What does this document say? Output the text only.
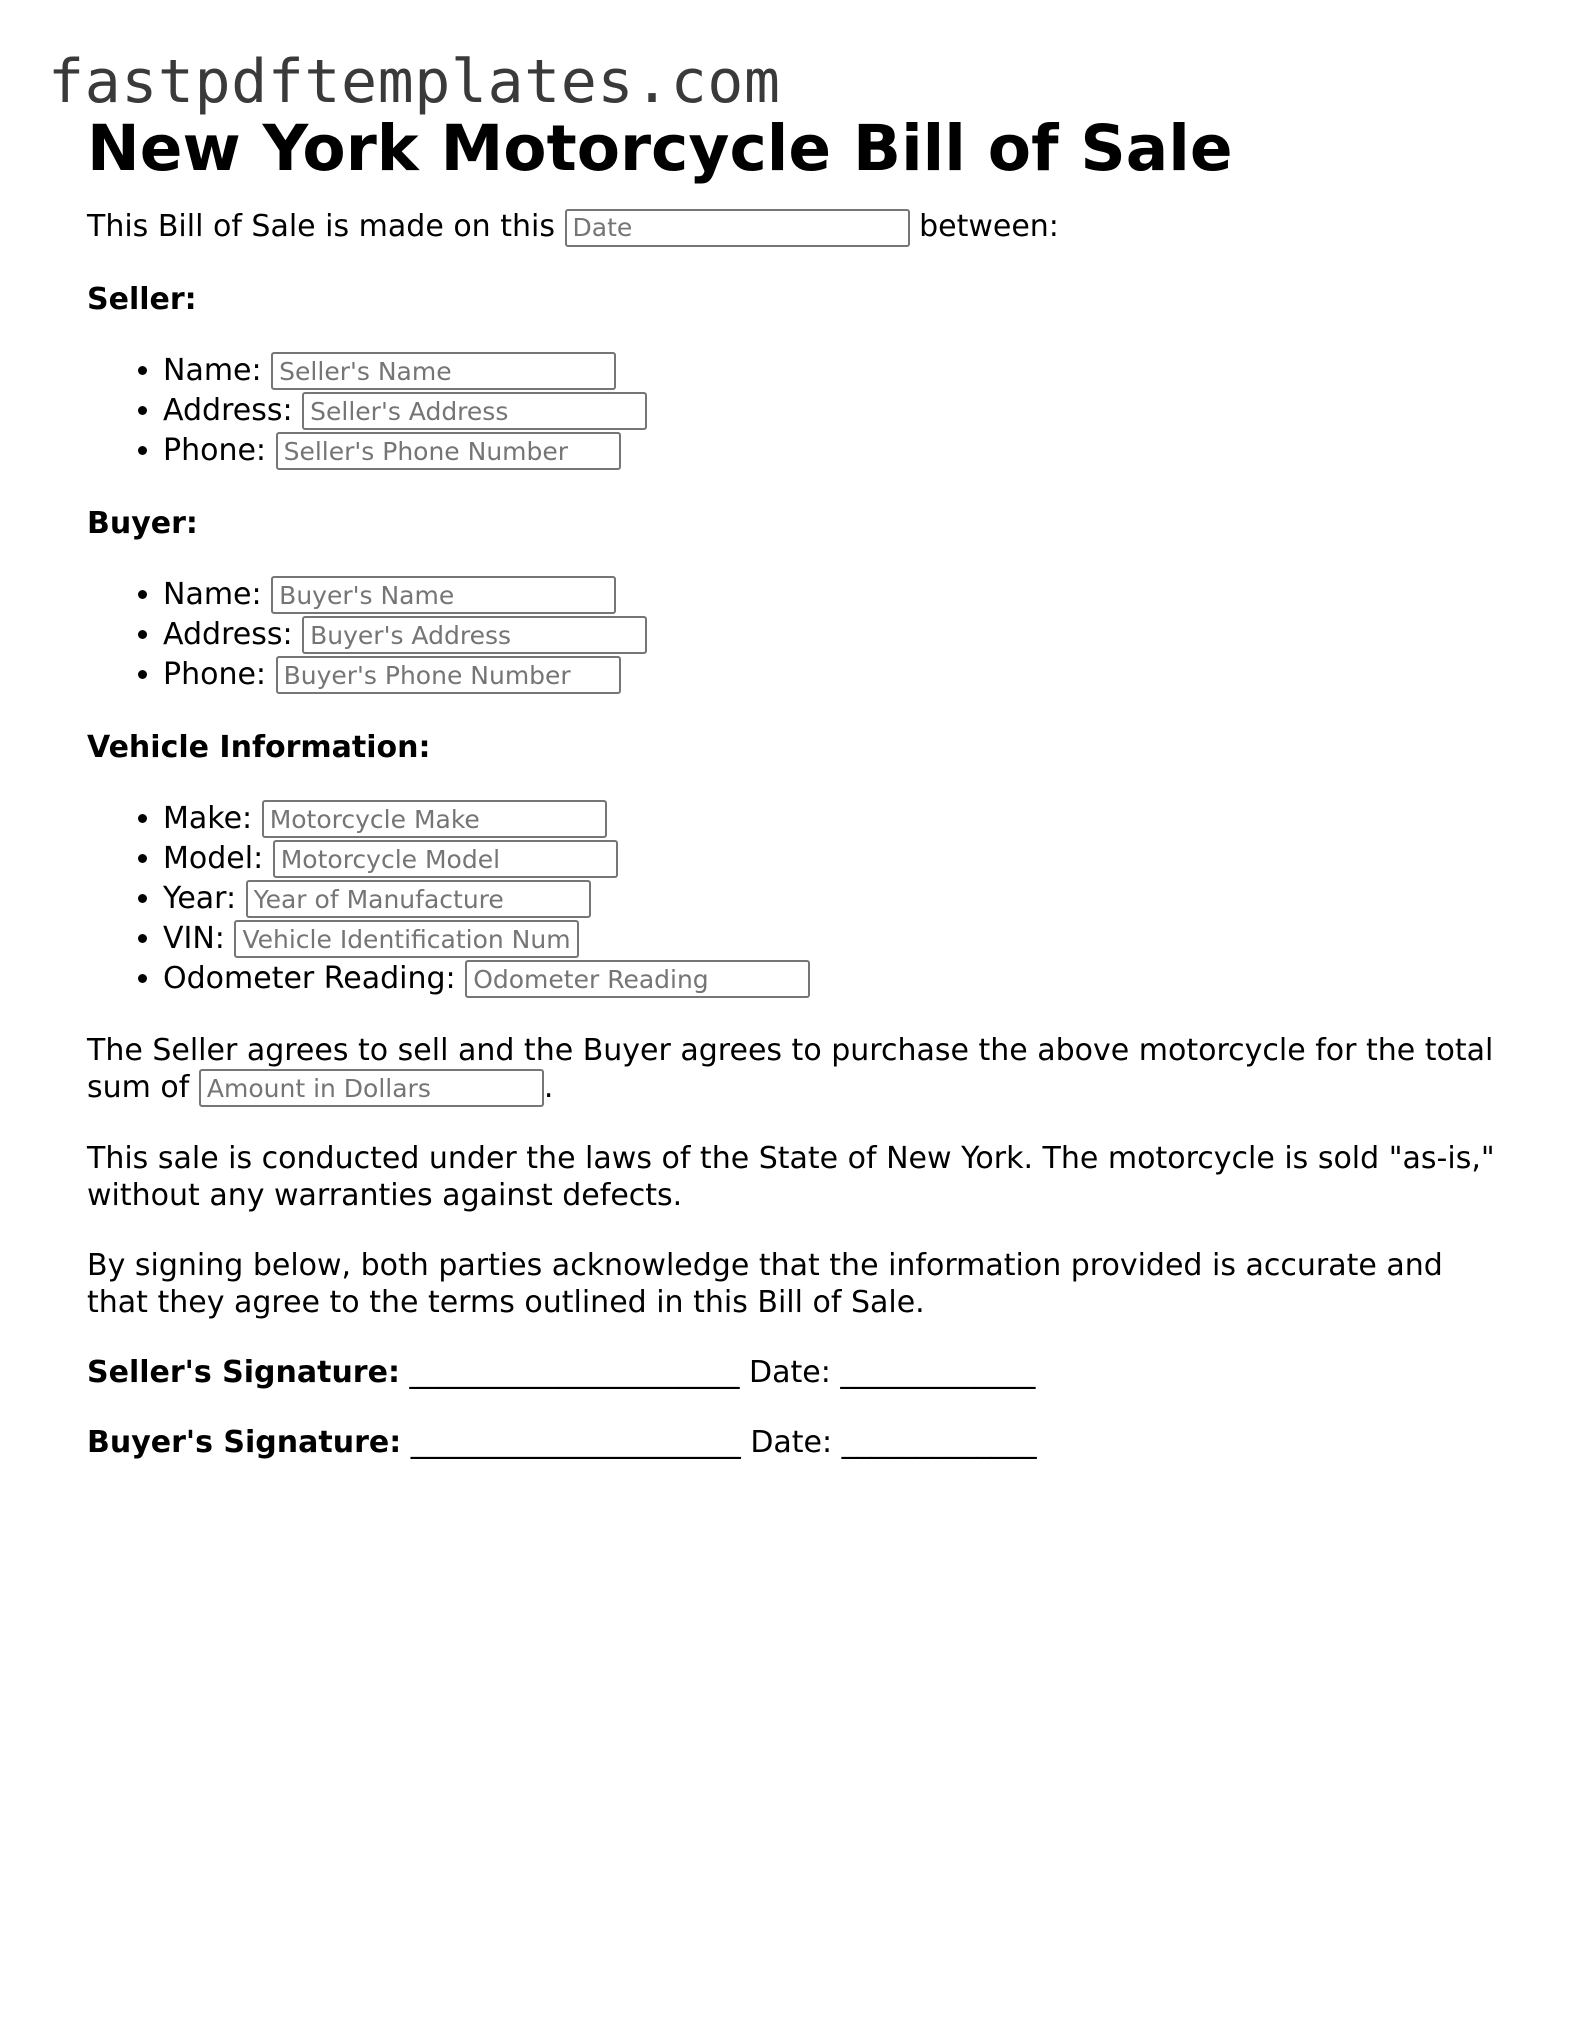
fastpdftemplates.com
New York Motorcycle Bill of Sale

This Bill of Sale is made on this Date	between:

Seller:
• Name: Seller's Name
• Address: Seller's Address
• Phone: Seller's Phone Number
Buyer:
• Name: Buyer's Name
• Address: Buyer's Address
• Phone: Buyer's Phone Number
Vehicle Information:
• Make: Motorcycle Make
• Model: Motorcycle Model
• Year: Year of Manufacture
• VIN: Vehicle Identification Num
• Odometer Reading: Odometer Reading

The Seller agrees to sell and the Buyer agrees to purchase the above motorcycle for the total sum of Amount in Dollars	.

This sale is conducted under the laws of the State of New York. The motorcycle is sold "as-is," without any warranties against defects.

By signing below, both parties acknowledge that the information provided is accurate and that they agree to the terms outlined in this Bill of Sale.

Seller's Signature: ______________________ Date: _____________

Buyer's Signature: ______________________ Date: _____________
